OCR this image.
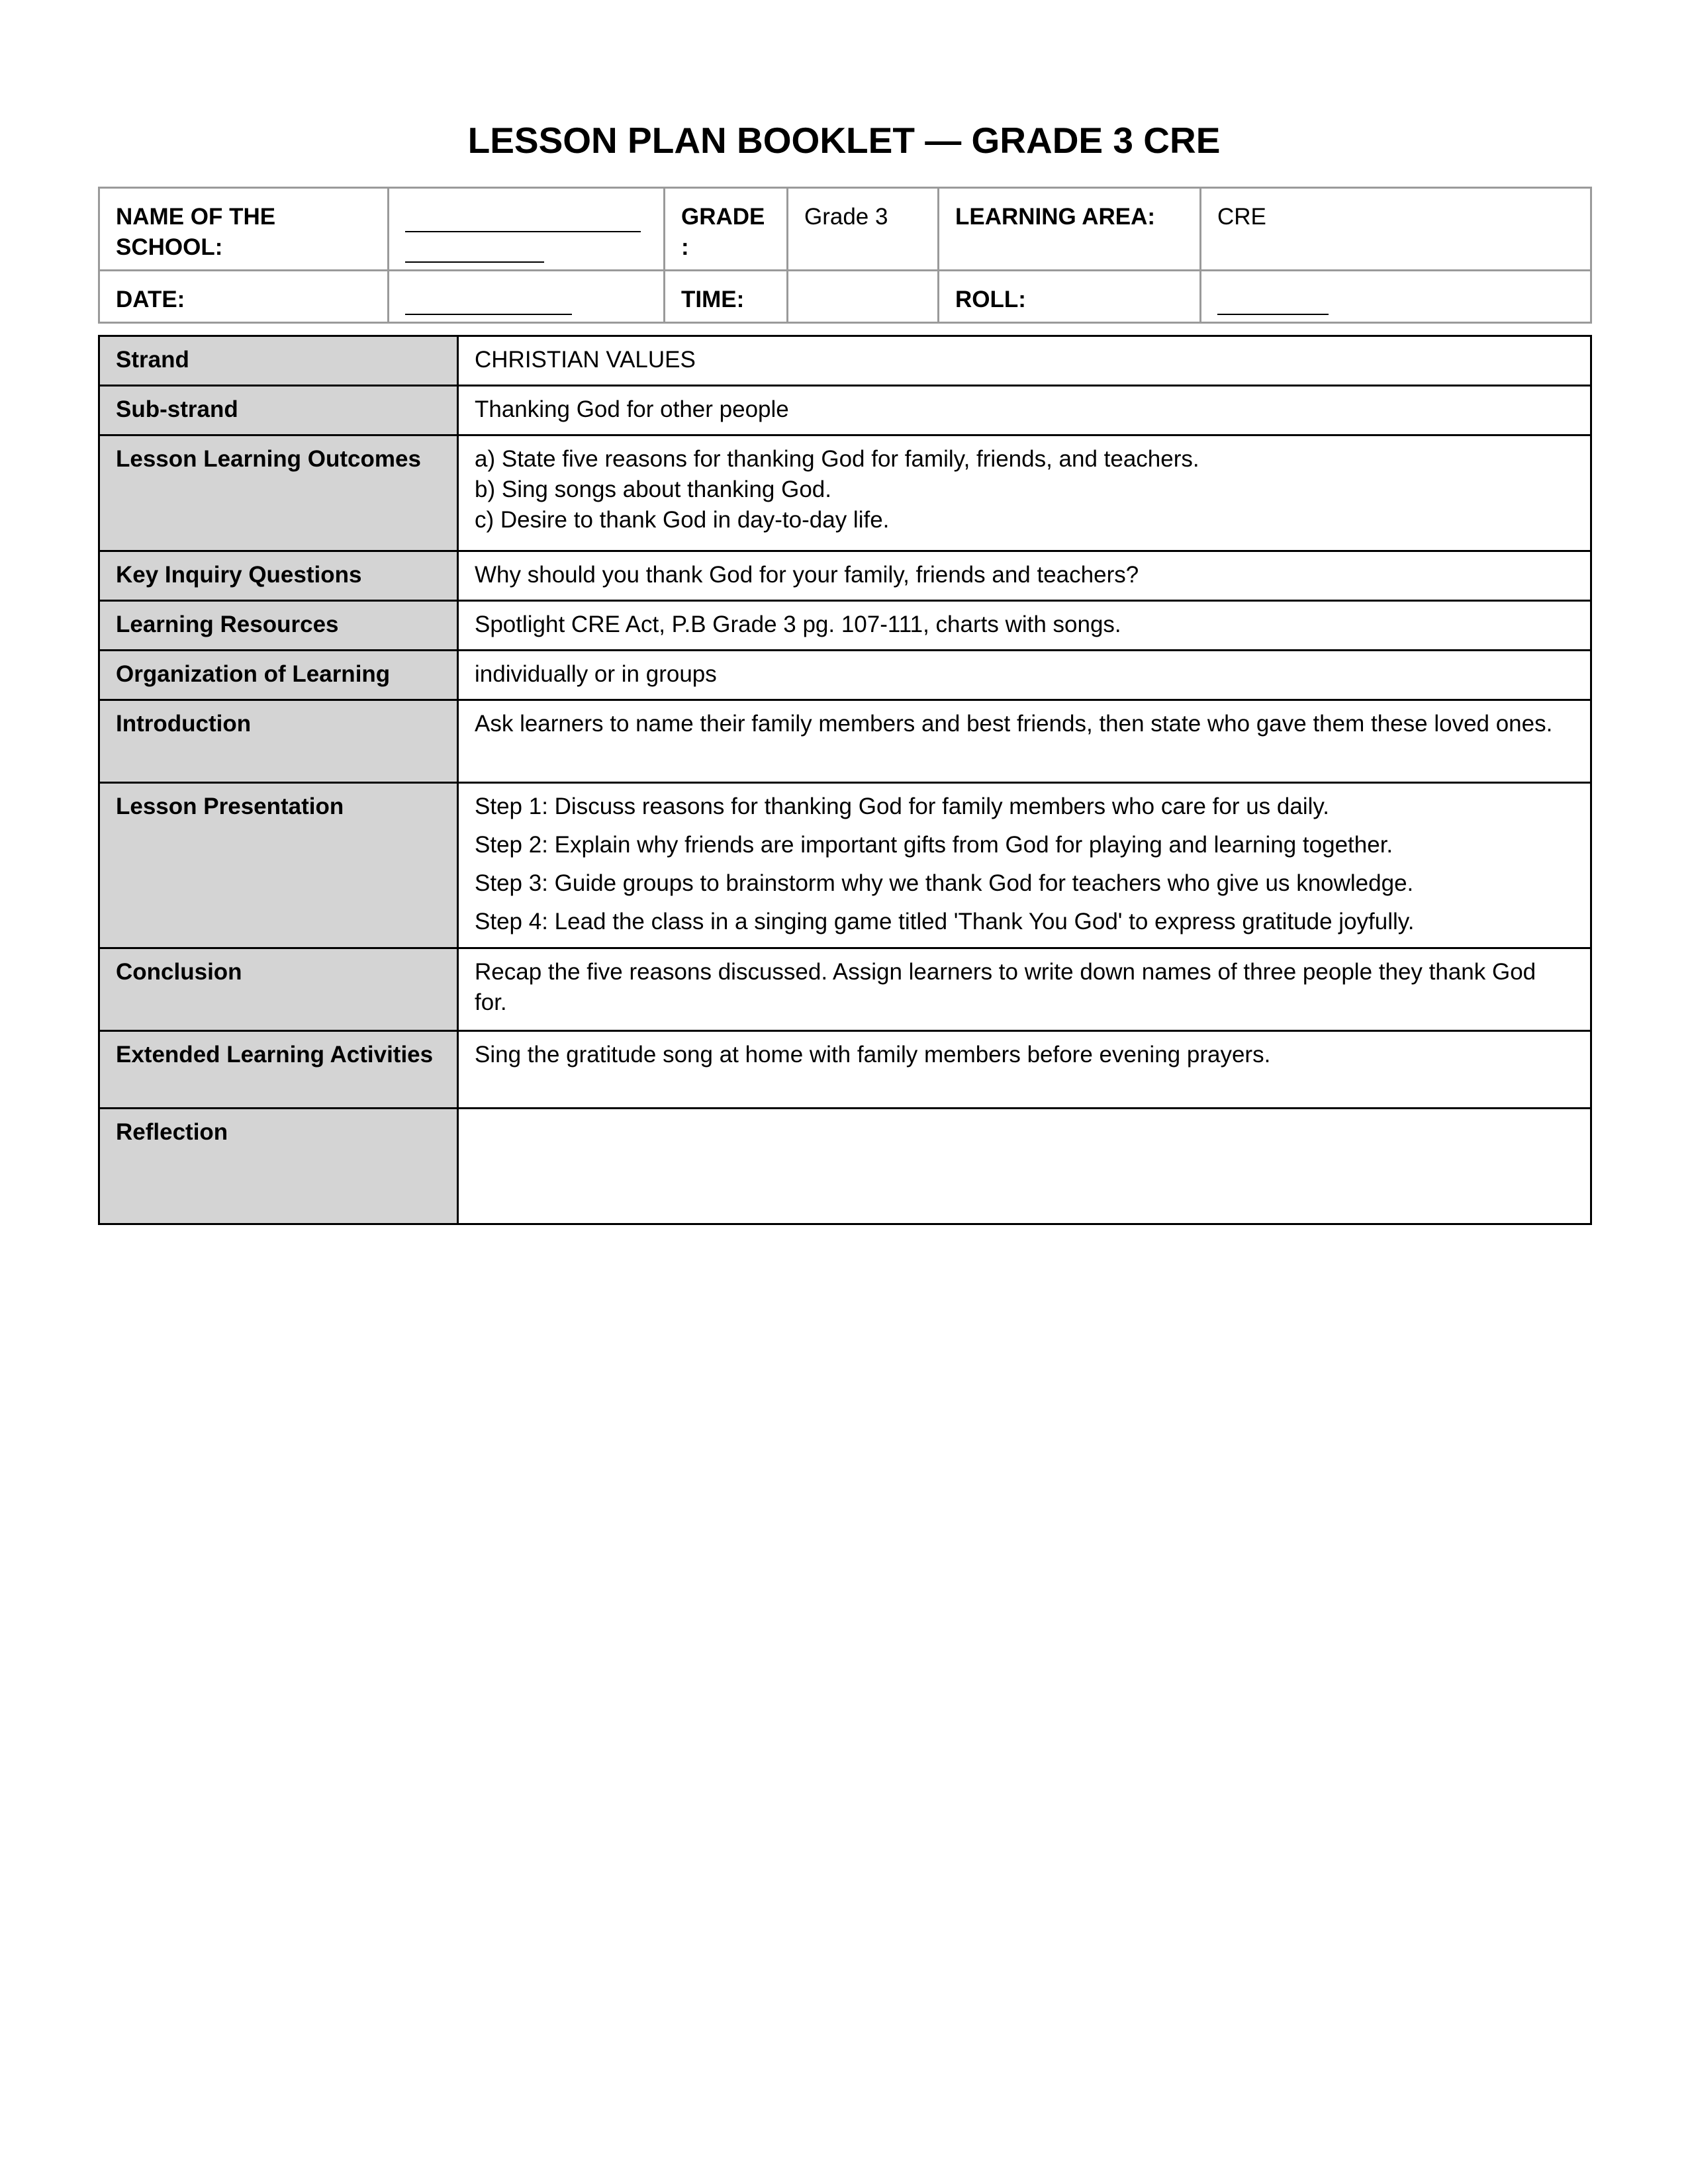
LESSON PLAN BOOKLET — GRADE 3 CRE
NAME OF THE SCHOOL:		GRADE :	Grade 3	LEARNING AREA:	CRE
DATE:		TIME:		ROLL:	
Strand	CHRISTIAN VALUES
Sub-strand	Thanking God for other people
Lesson Learning Outcomes	a) State five reasons for thanking God for family, friends, and teachers.
b) Sing songs about thanking God.
c) Desire to thank God in day-to-day life.

Key Inquiry Questions	Why should you thank God for your family, friends and teachers?
Learning Resources	Spotlight CRE Act, P.B Grade 3 pg. 107-111, charts with songs.
Organization of Learning	individually or in groups
Introduction	Ask learners to name their family members and best friends, then state who gave them these loved ones.
Lesson Presentation	Step 1: Discuss reasons for thanking God for family members who care for us daily.
Step 2: Explain why friends are important gifts from God for playing and learning together.
Step 3: Guide groups to brainstorm why we thank God for teachers who give us knowledge.
Step 4: Lead the class in a singing game titled 'Thank You God' to express gratitude joyfully.

Conclusion	Recap the five reasons discussed. Assign learners to write down names of three people they thank God for.
Extended Learning Activities	Sing the gratitude song at home with family members before evening prayers.
Reflection	
